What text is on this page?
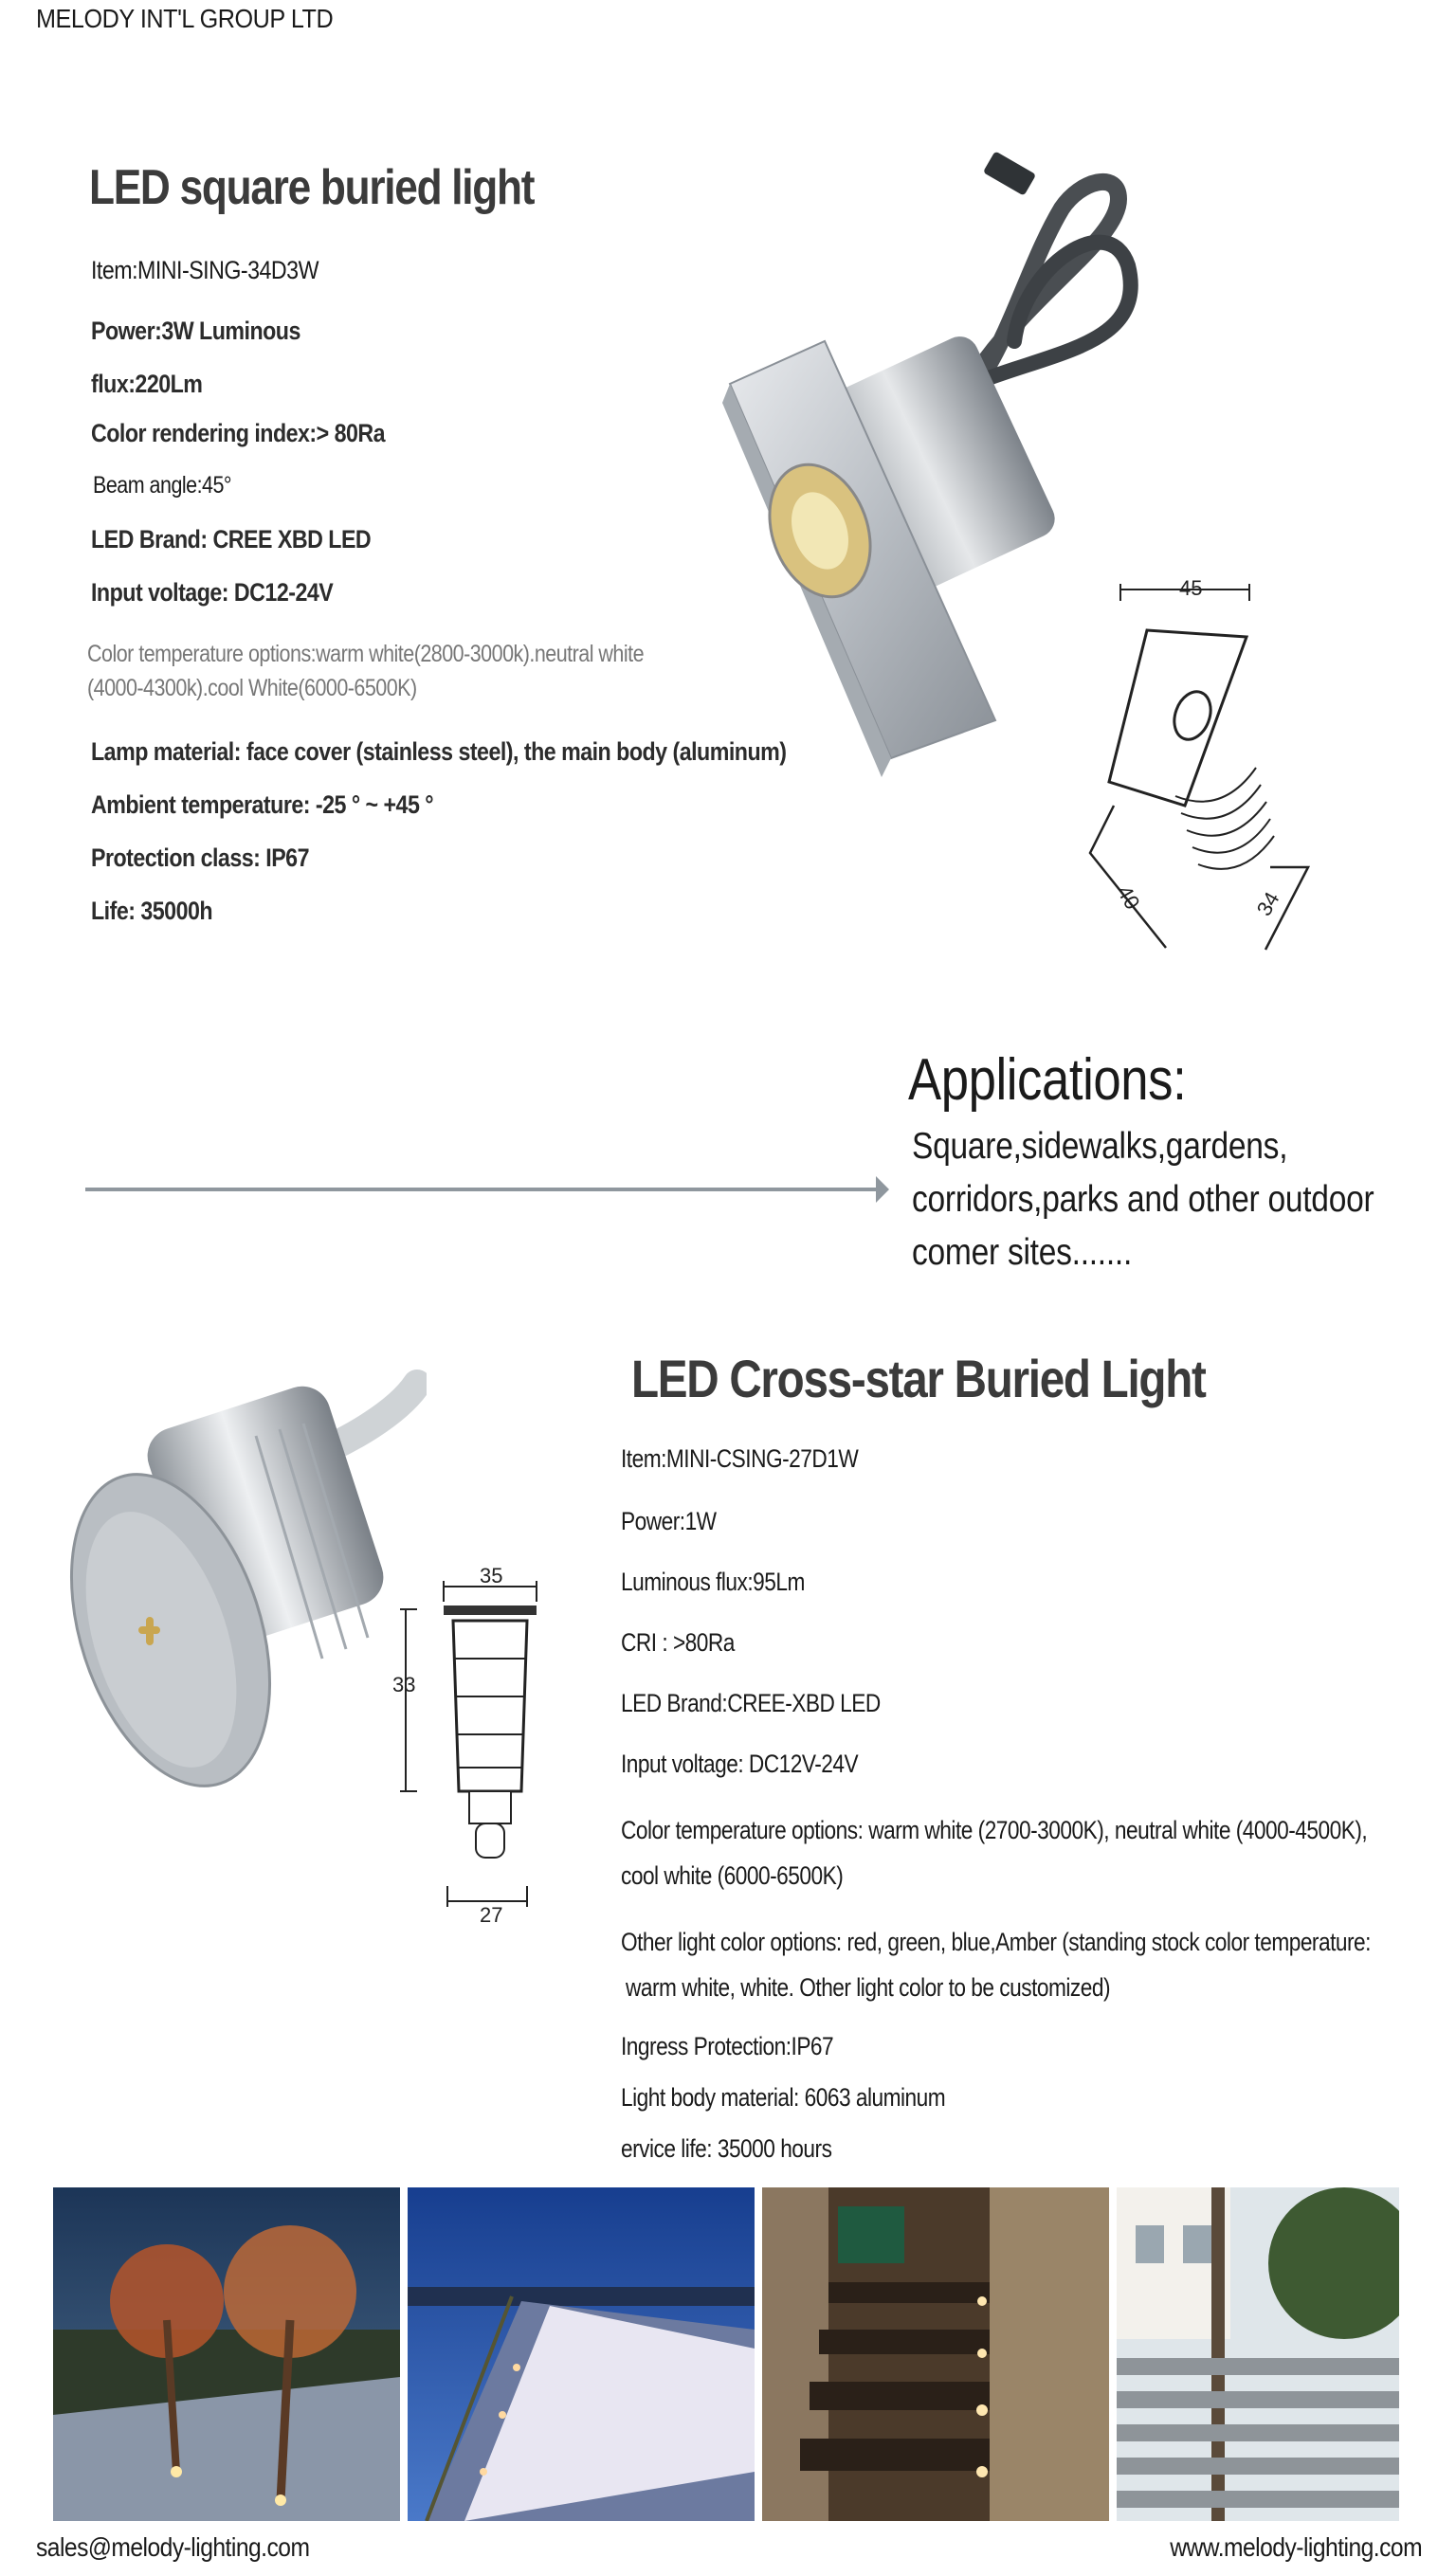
MELODY INT'L GROUP LTD
LED square buried light
Item:MINI-SING-34D3W
Power:3W Luminous
flux:220Lm
Color rendering index:> 80Ra
Beam angle:45°
LED Brand: CREE XBD LED
Input voltage: DC12-24V
Color temperature options:warm white(2800-3000k).neutral white
(4000-4300k).cool White(6000-6500K)
Lamp material: face cover (stainless steel), the main body (aluminum)
Ambient temperature: -25 ° ~ +45 °
Protection class: IP67
Life: 35000h
45
40	34
Applications:
Square,sidewalks,gardens,
corridors,parks and other outdoor
comer sites.......
LED Cross-star Buried Light
Item:MINI-CSING-27D1W
Power:1W
Luminous flux:95Lm
CRI : >80Ra
LED Brand:CREE-XBD LED
Input voltage: DC12V-24V
Color temperature options: warm white (2700-3000K), neutral white (4000-4500K),
cool white (6000-6500K)
Other light color options: red, green, blue,Amber (standing stock color temperature:
warm white, white. Other light color to be customized)
Ingress Protection:IP67
Light body material: 6063 aluminum
ervice life: 35000 hours
35
33
27
sales@melody-lighting.com	www.melody-lighting.com
